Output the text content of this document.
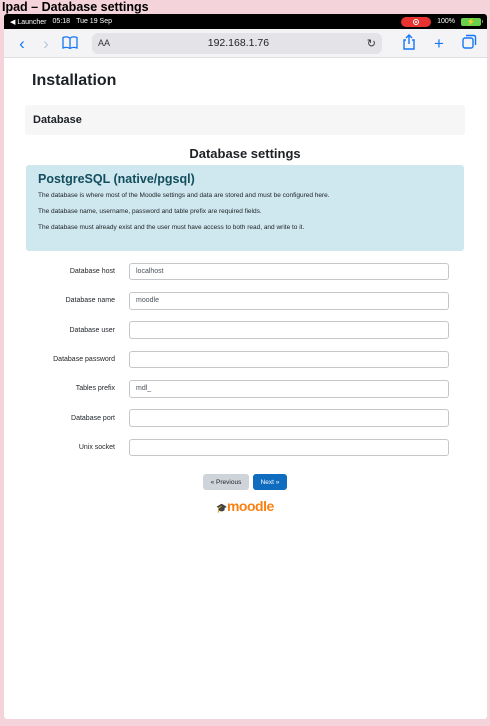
Ipad – Database settings
◀ Launcher 05:18 Tue 19 Sep	100%	⚡
‹	›	AA	192.168.1.76	↻	+
Installation
Database
Database settings
PostgreSQL (native/pgsql)

The database is where most of the Moodle settings and data are stored and must be configured here.

The database name, username, password and table prefix are required fields.

The database must already exist and the user must have access to both read, and write to it.

Database host	localhost
Database name	moodle
Database user
Database password
Tables prefix	mdl_
Database port
Unix socket
« Previous	Next »
🎓moodle
